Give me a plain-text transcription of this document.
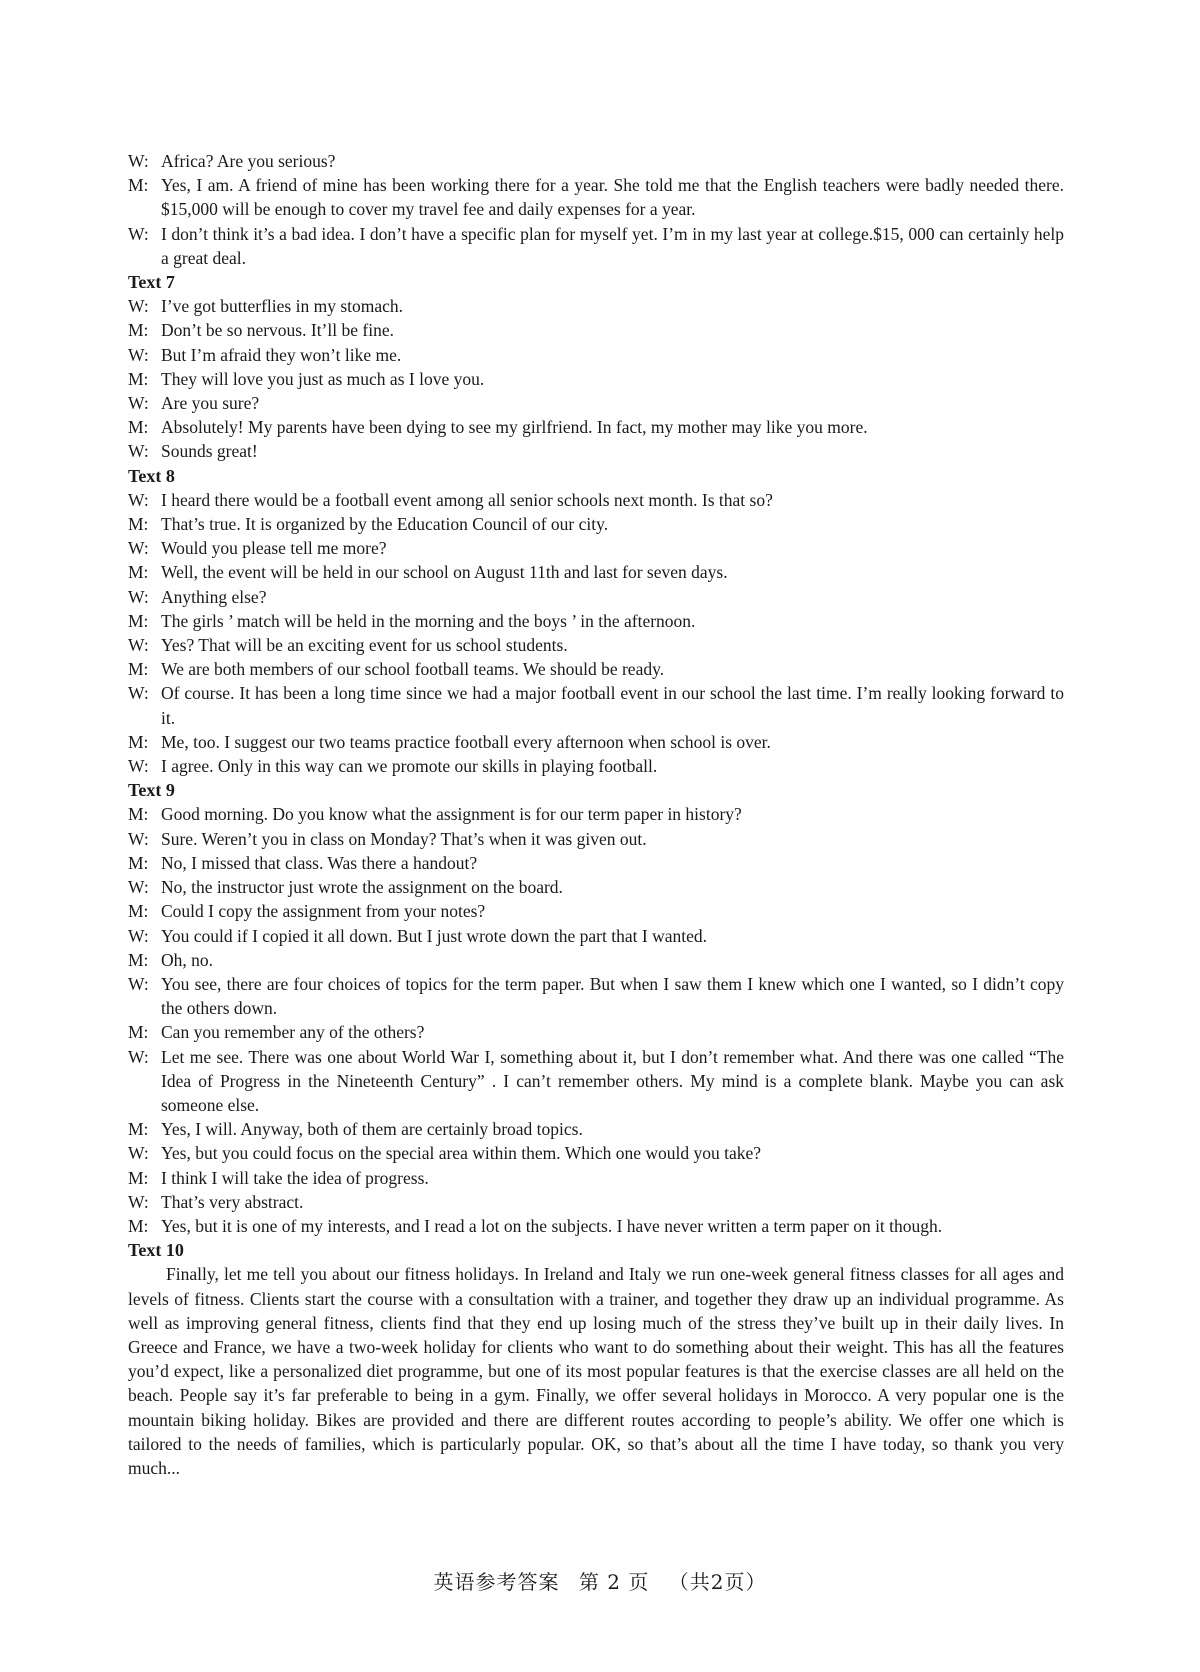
W: Africa? Are you serious?
M: Yes, I am. A friend of mine has been working there for a year. She told me that the English teachers were badly needed there. $15,000 will be enough to cover my travel fee and daily expenses for a year.
W: I don’t think it’s a bad idea. I don’t have a specific plan for myself yet. I’m in my last year at college.$15, 000 can certainly help a great deal.
Text 7
W: I’ve got butterflies in my stomach.
M: Don’t be so nervous. It’ll be fine.
W: But I’m afraid they won’t like me.
M: They will love you just as much as I love you.
W: Are you sure?
M: Absolutely! My parents have been dying to see my girlfriend. In fact, my mother may like you more.
W: Sounds great!
Text 8
W: I heard there would be a football event among all senior schools next month. Is that so?
M: That’s true. It is organized by the Education Council of our city.
W: Would you please tell me more?
M: Well, the event will be held in our school on August 11th and last for seven days.
W: Anything else?
M: The girls ’ match will be held in the morning and the boys ’ in the afternoon.
W: Yes? That will be an exciting event for us school students.
M: We are both members of our school football teams. We should be ready.
W: Of course. It has been a long time since we had a major football event in our school the last time. I’m really looking forward to it.
M: Me, too. I suggest our two teams practice football every afternoon when school is over.
W: I agree. Only in this way can we promote our skills in playing football.
Text 9
M: Good morning. Do you know what the assignment is for our term paper in history?
W: Sure. Weren’t you in class on Monday? That’s when it was given out.
M: No, I missed that class. Was there a handout?
W: No, the instructor just wrote the assignment on the board.
M: Could I copy the assignment from your notes?
W: You could if I copied it all down. But I just wrote down the part that I wanted.
M: Oh, no.
W: You see, there are four choices of topics for the term paper. But when I saw them I knew which one I wanted, so I didn’t copy the others down.
M: Can you remember any of the others?
W: Let me see. There was one about World War I, something about it, but I don’t remember what. And there was one called “The Idea of Progress in the Nineteenth Century” . I can’t remember others. My mind is a complete blank. Maybe you can ask someone else.
M: Yes, I will. Anyway, both of them are certainly broad topics.
W: Yes, but you could focus on the special area within them. Which one would you take?
M: I think I will take the idea of progress.
W: That’s very abstract.
M: Yes, but it is one of my interests, and I read a lot on the subjects. I have never written a term paper on it though.
Text 10

Finally, let me tell you about our fitness holidays. In Ireland and Italy we run one-week general fitness classes for all ages and levels of fitness. Clients start the course with a consultation with a trainer, and together they draw up an individual programme. As well as improving general fitness, clients find that they end up losing much of the stress they’ve built up in their daily lives. In Greece and France, we have a two-week holiday for clients who want to do something about their weight. This has all the features you’d expect, like a personalized diet programme, but one of its most popular features is that the exercise classes are all held on the beach. People say it’s far preferable to being in a gym. Finally, we offer several holidays in Morocco. A very popular one is the mountain biking holiday. Bikes are provided and there are different routes according to people’s ability. We offer one which is tailored to the needs of families, which is particularly popular. OK, so that’s about all the time I have today, so thank you very much...

英语参考答案 第 2 页 （共2页）
